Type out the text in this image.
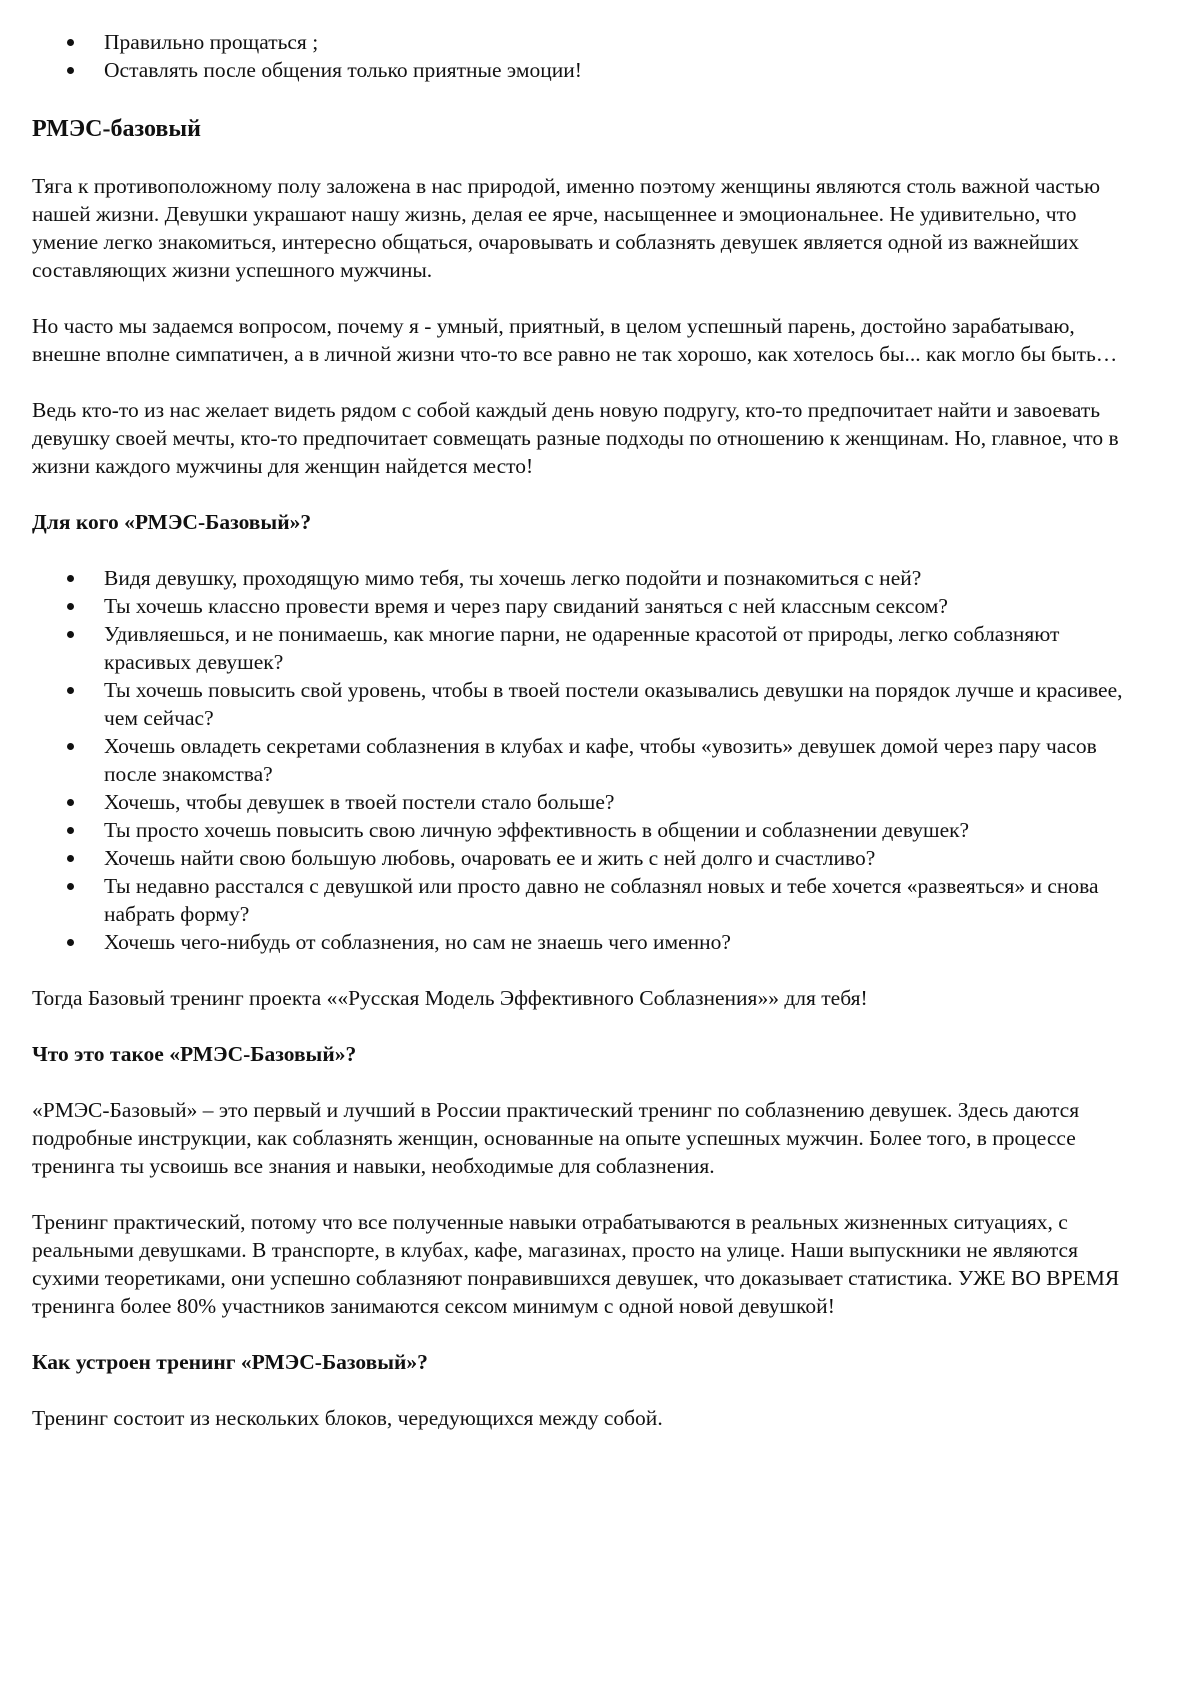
Правильно прощаться ;
Оставлять после общения только приятные эмоции!
РМЭС-базовый

Тяга к противоположному полу заложена в нас природой, именно поэтому женщины являются столь важной частью нашей жизни. Девушки украшают нашу жизнь, делая ее ярче, насыщеннее и эмоциональнее. Не удивительно, что умение легко знакомиться, интересно общаться, очаровывать и соблазнять девушек является одной из важнейших составляющих жизни успешного мужчины.

Но часто мы задаемся вопросом, почему я - умный, приятный, в целом успешный парень, достойно зарабатываю, внешне вполне симпатичен, а в личной жизни что-то все равно не так хорошо, как хотелось бы... как могло бы быть…

Ведь кто-то из нас желает видеть рядом с собой каждый день новую подругу, кто-то предпочитает найти и завоевать девушку своей мечты, кто-то предпочитает совмещать разные подходы по отношению к женщинам. Но, главное, что в жизни каждого мужчины для женщин найдется место!

Для кого «РМЭС-Базовый»?

Видя девушку, проходящую мимо тебя, ты хочешь легко подойти и познакомиться с ней?
Ты хочешь классно провести время и через пару свиданий заняться с ней классным сексом?
Удивляешься, и не понимаешь, как многие парни, не одаренные красотой от природы, легко соблазняют красивых девушек?
Ты хочешь повысить свой уровень, чтобы в твоей постели оказывались девушки на порядок лучше и красивее, чем сейчас?
Хочешь овладеть секретами соблазнения в клубах и кафе, чтобы «увозить» девушек домой через пару часов после знакомства?
Хочешь, чтобы девушек в твоей постели стало больше?
Ты просто хочешь повысить свою личную эффективность в общении и соблазнении девушек?
Хочешь найти свою большую любовь, очаровать ее и жить с ней долго и счастливо?
Ты недавно расстался с девушкой или просто давно не соблазнял новых и тебе хочется «развеяться» и снова набрать форму?
Хочешь чего-нибудь от соблазнения, но сам не знаешь чего именно?

Тогда Базовый тренинг проекта ««Русская Модель Эффективного Соблазнения»» для тебя!

Что это такое «РМЭС-Базовый»?

«РМЭС-Базовый» – это первый и лучший в России практический тренинг по соблазнению девушек. Здесь даются подробные инструкции, как соблазнять женщин, основанные на опыте успешных мужчин. Более того, в процессе тренинга ты усвоишь все знания и навыки, необходимые для соблазнения.

Тренинг практический, потому что все полученные навыки отрабатываются в реальных жизненных ситуациях, с реальными девушками. В транспорте, в клубах, кафе, магазинах, просто на улице. Наши выпускники не являются сухими теоретиками, они успешно соблазняют понравившихся девушек, что доказывает статистика. УЖЕ ВО ВРЕМЯ тренинга более 80% участников занимаются сексом минимум с одной новой девушкой!

Как устроен тренинг «РМЭС-Базовый»?

Тренинг состоит из нескольких блоков, чередующихся между собой.
